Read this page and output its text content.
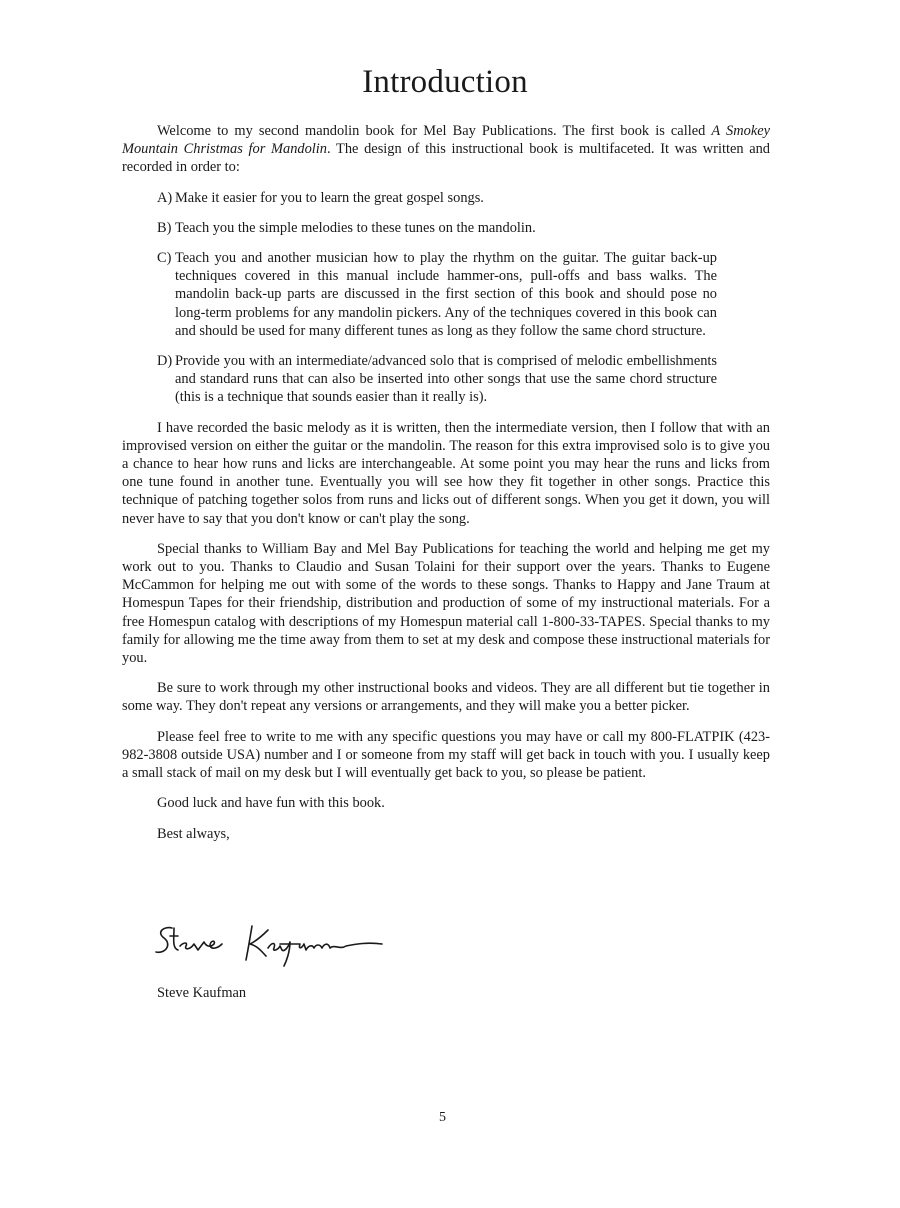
Introduction

Welcome to my second mandolin book for Mel Bay Publications. The first book is called A Smokey Mountain Christmas for Mandolin. The design of this instructional book is multifaceted. It was written and recorded in order to:

A) Make it easier for you to learn the great gospel songs.
B) Teach you the simple melodies to these tunes on the mandolin.
C) Teach you and another musician how to play the rhythm on the guitar. The guitar back-up techniques covered in this manual include hammer-ons, pull-offs and bass walks. The mandolin back-up parts are discussed in the first section of this book and should pose no long-term problems for any mandolin pickers. Any of the techniques covered in this book can and should be used for many different tunes as long as they follow the same chord structure.
D) Provide you with an intermediate/advanced solo that is comprised of melodic embellishments and standard runs that can also be inserted into other songs that use the same chord structure (this is a technique that sounds easier than it really is).

I have recorded the basic melody as it is written, then the intermediate version, then I follow that with an improvised version on either the guitar or the mandolin. The reason for this extra improvised solo is to give you a chance to hear how runs and licks are interchangeable. At some point you may hear the runs and licks from one tune found in another tune. Eventually you will see how they fit together in other songs. Practice this technique of patching together solos from runs and licks out of different songs. When you get it down, you will never have to say that you don't know or can't play the song.

Special thanks to William Bay and Mel Bay Publications for teaching the world and helping me get my work out to you. Thanks to Claudio and Susan Tolaini for their support over the years. Thanks to Eugene McCammon for helping me out with some of the words to these songs. Thanks to Happy and Jane Traum at Homespun Tapes for their friendship, distribution and production of some of my instructional materials. For a free Homespun catalog with descriptions of my Homespun material call 1-800-33-TAPES. Special thanks to my family for allowing me the time away from them to set at my desk and compose these instructional materials for you.

Be sure to work through my other instructional books and videos. They are all different but tie together in some way. They don't repeat any versions or arrangements, and they will make you a better picker.

Please feel free to write to me with any specific questions you may have or call my 800-FLATPIK (423-982-3808 outside USA) number and I or someone from my staff will get back in touch with you. I usually keep a small stack of mail on my desk but I will eventually get back to you, so please be patient.

Good luck and have fun with this book.

Best always,

Steve Kaufman
5
